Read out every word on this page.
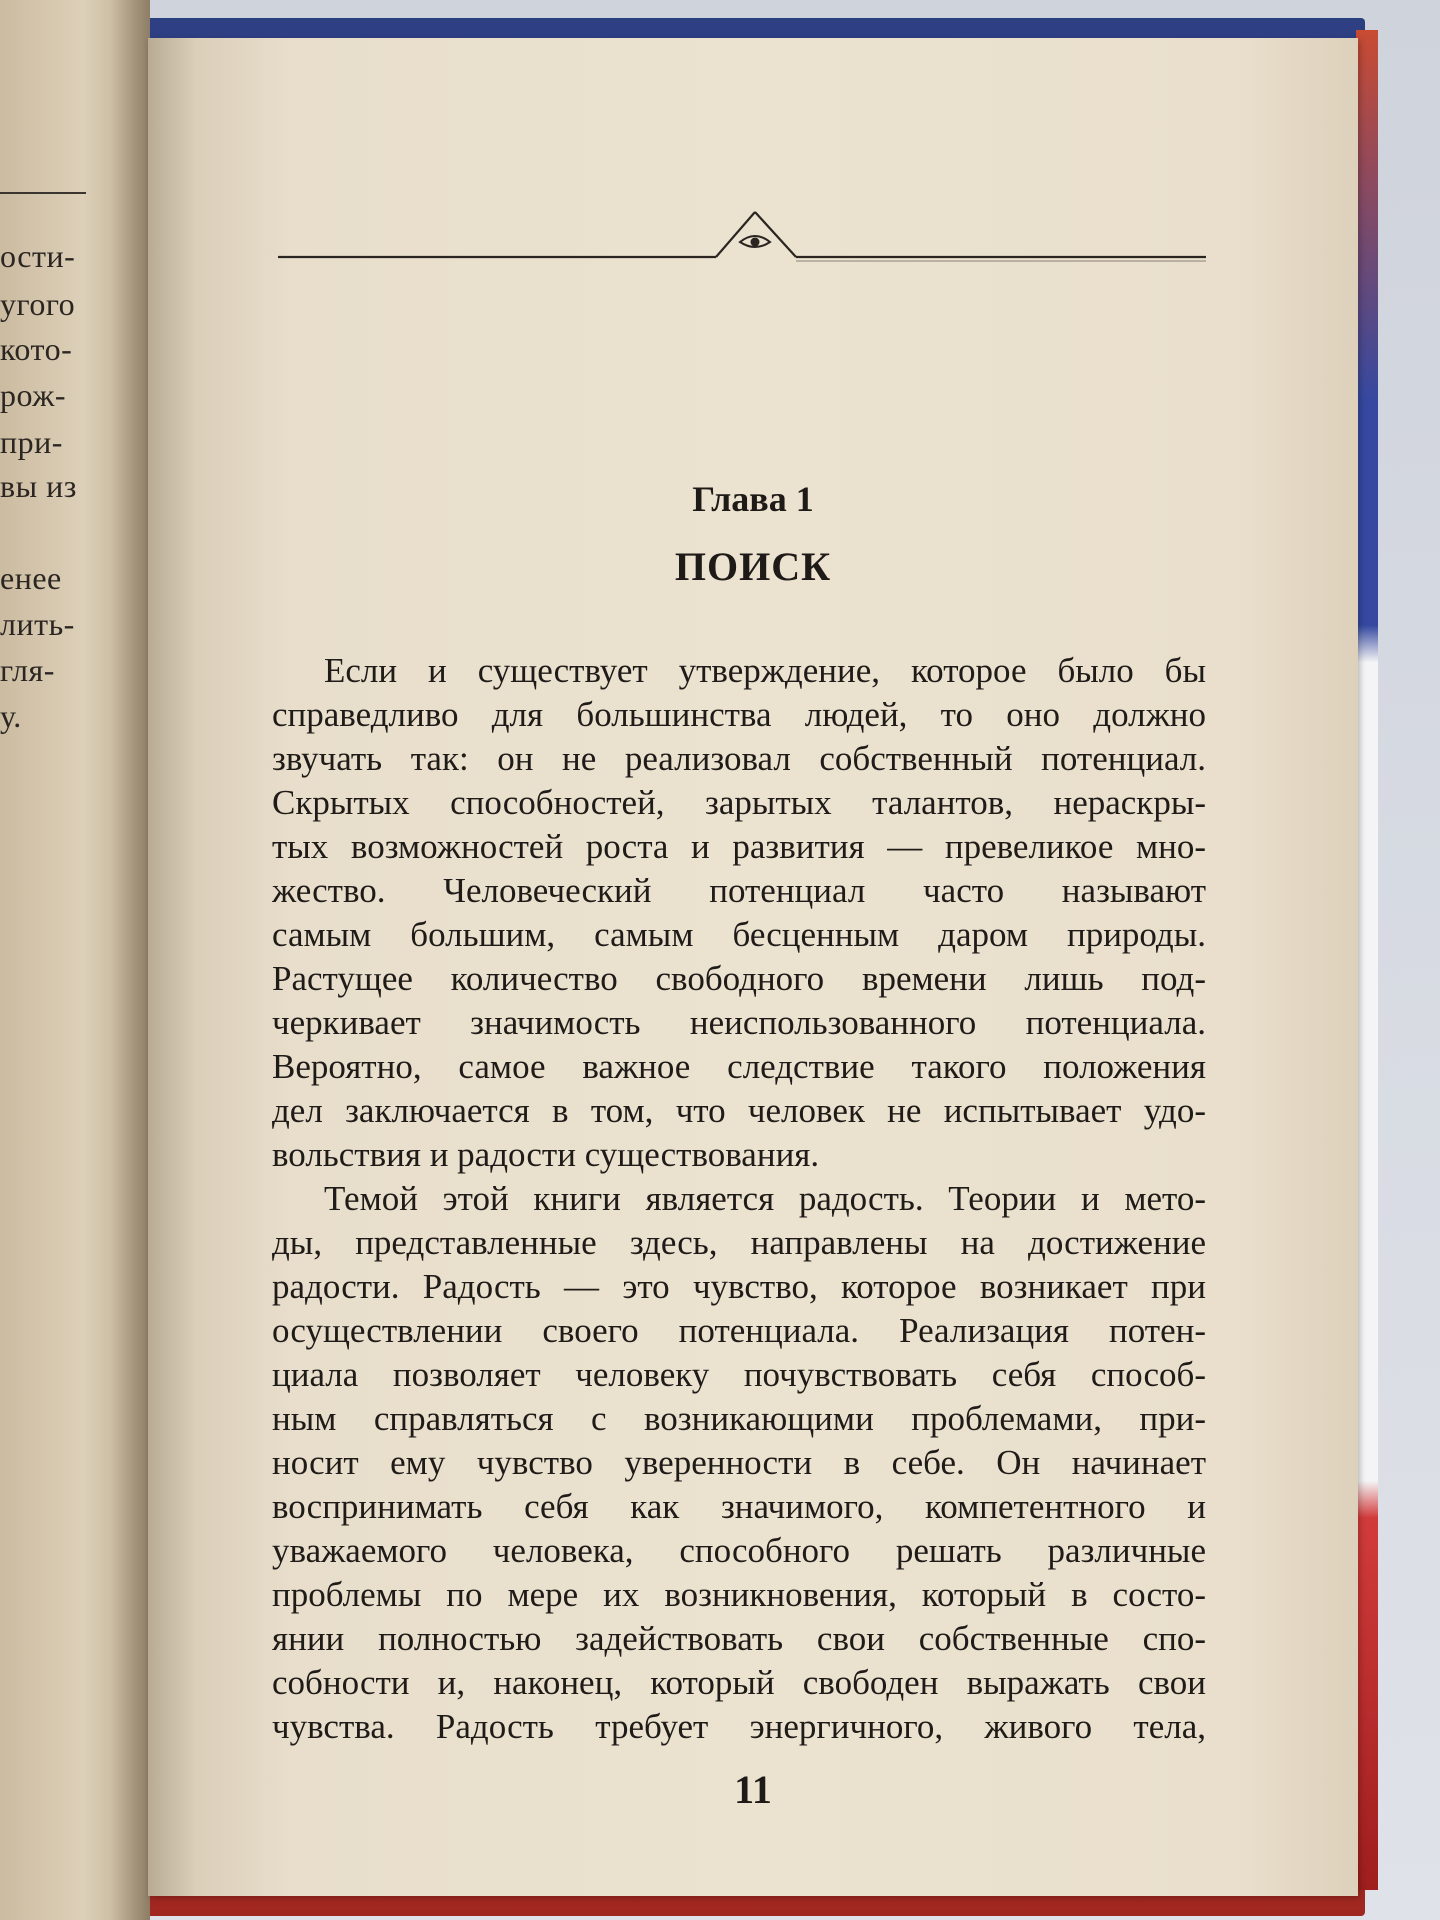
ости-
угого
кото-
рож-
при-
вы из
енее
лить-
гля-
у.
Глава 1
ПОИСК
Если и существует утверждение, которое было бы
справедливо для большинства людей, то оно должно
звучать так: он не реализовал собственный потенциал.
Скрытых способностей, зарытых талантов, нераскры-
тых возможностей роста и развития — превеликое мно-
жество. Человеческий потенциал часто называют
самым большим, самым бесценным даром природы.
Растущее количество свободного времени лишь под-
черкивает значимость неиспользованного потенциала.
Вероятно, самое важное следствие такого положения
дел заключается в том, что человек не испытывает удо-
вольствия и радости существования.
Темой этой книги является радость. Теории и мето-
ды, представленные здесь, направлены на достижение
радости. Радость — это чувство, которое возникает при
осуществлении своего потенциала. Реализация потен-
циала позволяет человеку почувствовать себя способ-
ным справляться с возникающими проблемами, при-
носит ему чувство уверенности в себе. Он начинает
воспринимать себя как значимого, компетентного и
уважаемого человека, способного решать различные
проблемы по мере их возникновения, который в состо-
янии полностью задействовать свои собственные спо-
собности и, наконец, который свободен выражать свои
чувства. Радость требует энергичного, живого тела,
11
